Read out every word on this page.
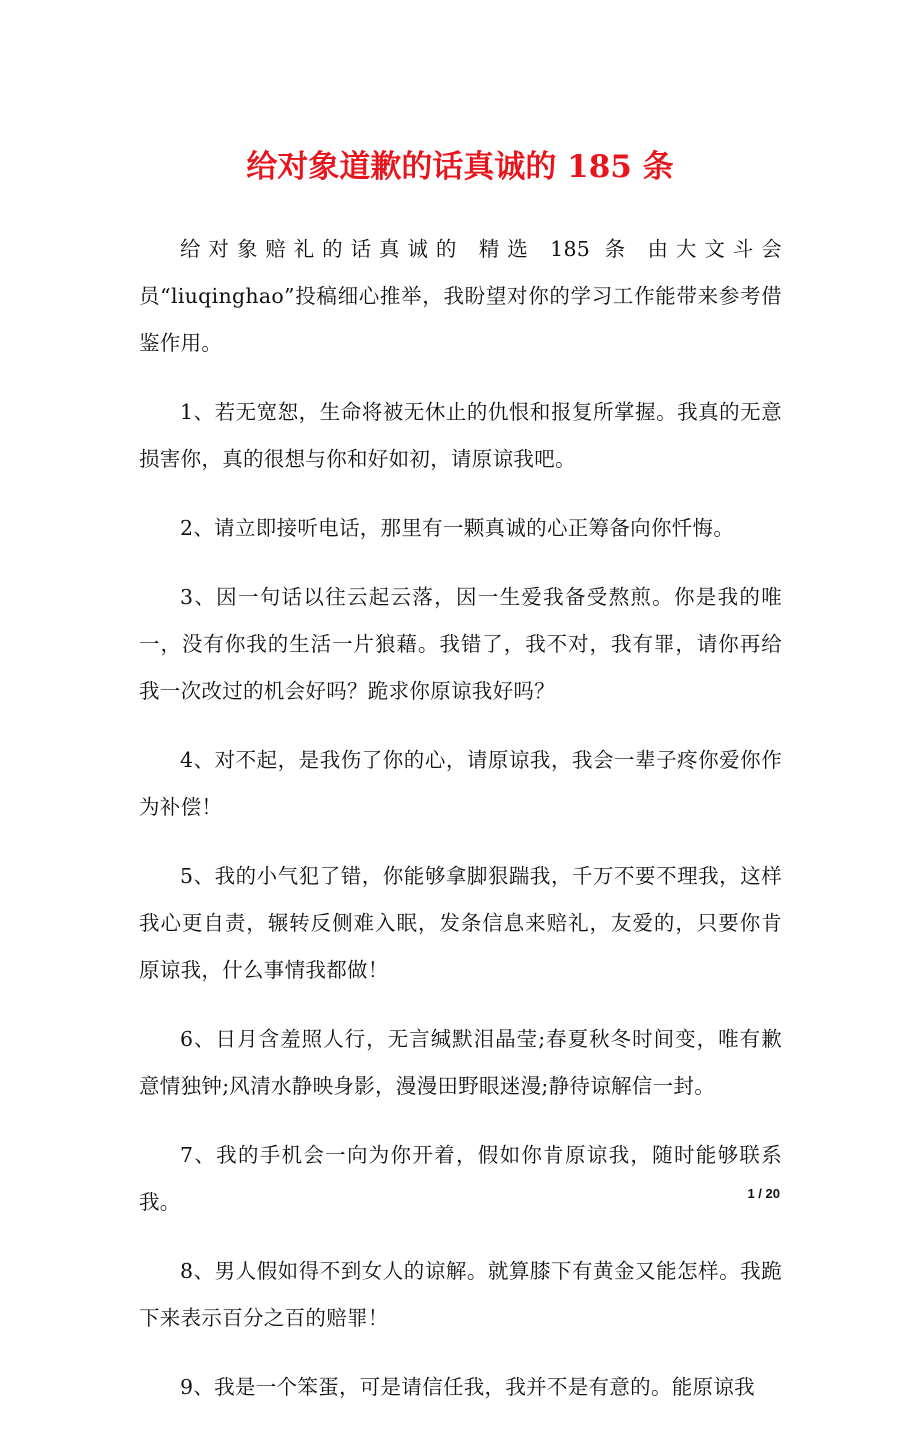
给对象道歉的话真诚的 185 条

给对象赔礼的话真诚的 精选 185 条 由大文斗会员“liuqinghao”投稿细心推举，我盼望对你的学习工作能带来参考借鉴作用。

1、若无宽恕，生命将被无休止的仇恨和报复所掌握。我真的无意损害你，真的很想与你和好如初，请原谅我吧。

2、请立即接听电话，那里有一颗真诚的心正筹备向你忏悔。

3、因一句话以往云起云落，因一生爱我备受熬煎。你是我的唯一，没有你我的生活一片狼藉。我错了，我不对，我有罪，请你再给我一次改过的机会好吗？跪求你原谅我好吗？

4、对不起，是我伤了你的心，请原谅我，我会一辈子疼你爱你作为补偿！

5、我的小气犯了错，你能够拿脚狠踹我，千万不要不理我，这样我心更自责，辗转反侧难入眠，发条信息来赔礼，友爱的，只要你肯原谅我，什么事情我都做！

6、日月含羞照人行，无言缄默泪晶莹;春夏秋冬时间变，唯有歉意情独钟;风清水静映身影，漫漫田野眼迷漫;静待谅解信一封。

7、我的手机会一向为你开着，假如你肯原谅我，随时能够联系我。

8、男人假如得不到女人的谅解。就算膝下有黄金又能怎样。我跪下来表示百分之百的赔罪！

9、我是一个笨蛋，可是请信任我，我并不是有意的。能原谅我

1 / 20
